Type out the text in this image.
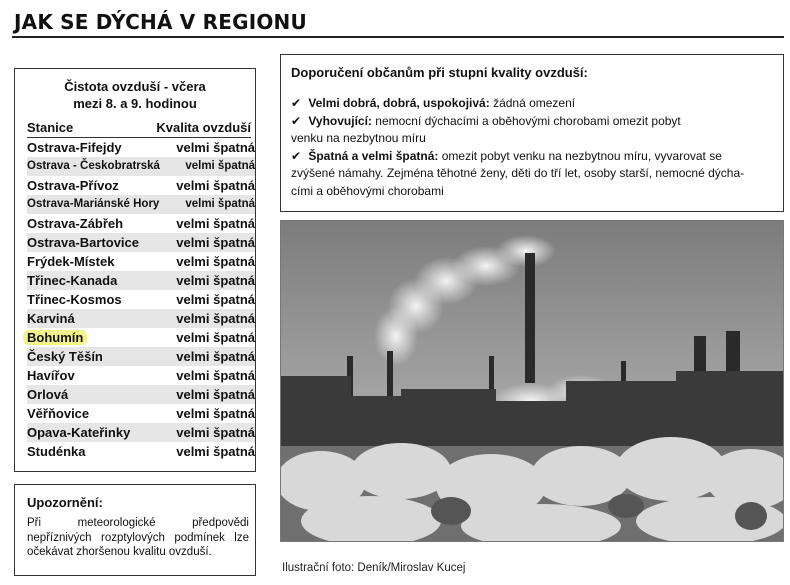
JAK SE DÝCHÁ V REGIONU
Čistota ovzduší - včera
mezi 8. a 9. hodinou
Stanice	Kvalita ovzduší
Ostrava-Fifejdy	velmi špatná
Ostrava - Českobratrská velmi špatná
Ostrava-Přívoz	velmi špatná
Ostrava-Mariánské Hory velmi špatná
Ostrava-Zábřeh	velmi špatná
Ostrava-Bartovice	velmi špatná
Frýdek-Místek	velmi špatná
Třinec-Kanada	velmi špatná
Třinec-Kosmos	velmi špatná
Karviná	velmi špatná
Bohumín	velmi špatná
Český Těšín	velmi špatná
Havířov	velmi špatná
Orlová	velmi špatná
Věřňovice	velmi špatná
Opava-Kateřinky	velmi špatná
Studénka	velmi špatná
Upozornění:
Při meteorologické předpovědi nepříznivých rozptylových podmínek lze očekávat zhoršenou kvalitu ovzduší.
Doporučení občanům při stupni kvality ovzduší:
✔ Velmi dobrá, dobrá, uspokojivá: žádná omezení
✔ Vyhovující: nemocní dýchacími a oběhovými chorobami omezit pobyt
venku na nezbytnou míru
✔ Špatná a velmi špatná: omezit pobyt venku na nezbytnou míru, vyvarovat se
zvýšené námahy. Zejména těhotné ženy, děti do tří let, osoby starší, nemocné dýcha-
cími a oběhovými chorobami
Ilustrační foto: Deník/Miroslav Kucej
